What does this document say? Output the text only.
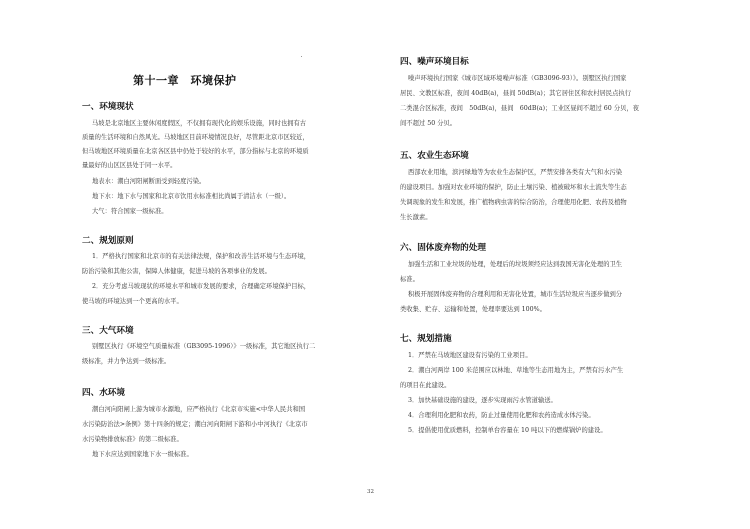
第十一章　环境保护
一、环境现状
马坡是北京地区主要休闲度假区，不仅拥有现代化的娱乐设施，同时也拥有古
质量的生活环境和自然风光。马坡地区目前环境情况良好，尽管距北京市区较近，
但马坡地区环境质量在北京各区县中仍处于较好的水平，部分指标与北京的环境质
量最好的山区区县处于同一水平。
地表水：潮白河阳闸断面受到轻度污染。
地下水：地下水与国家和北京市饮用水标准相比尚属于清洁水（一级）。
大气：符合国家一级标准。
二、规划原则
1．严格执行国家和北京市的有关法律法规，保护和改善生活环境与生态环境，
防治污染和其他公害，保障人体健康，促进马坡的各项事业的发展。
2．充分考虑马坡现状的环境水平和城市发展的要求，合理确定环境保护目标，
使马坡的环境达到一个更高的水平。
三、大气环境
别墅区执行《环境空气质量标准（GB3095-1996）》一级标准，其它地区执行二
级标准，并力争达到一级标准。
四、水环境
潮白河向阳闸上游为城市水源地，应严格执行《北京市实施<中华人民共和国
水污染防治法>条例》第十四条的规定；潮白河向阳闸下游和小中河执行《北京市
水污染物排放标准》的第二级标准。
地下水应达到国家地下水一级标准。
四、噪声环境目标
噪声环境执行国家《城市区域环境噪声标准（GB3096-93）》。别墅区执行国家
居民、文教区标准，夜间 40dB(a)，昼间 50dB(a)；其它居住区和农村居民点执行
二类混合区标准，夜间　50dB(a)，昼间　60dB(a)；工业区昼间不超过 60 分贝，夜
间不超过 50 分贝。
五、农业生态环境
西部农业用地，滨河绿地等为农业生态保护区，严禁安排各类有大气和水污染
的建设项目。加强对农业环境的保护，防止土壤污染、植被破坏和水土流失等生态
失调现象的发生和发展，推广植物病虫害的综合防治，合理使用化肥、农药及植物
生长激素。
六、固体废弃物的处理
加强生活和工业垃圾的处理，处理后的垃圾须经应达到我国无害化处理的卫生
标准。
积极开展固体废弃物的合理利用和无害化处置，城市生活垃圾应当逐步做到分
类收集、贮存、运输和处置，处理率要达到 100%。
七、规划措施
1．严禁在马坡地区建设有污染的工业项目。
2．潮白河两岸 100 米范围应以林地、草地等生态用地为主，严禁有污水产生
的项目在此建设。
3．加快基础设施的建设，逐步实现雨污水管道输送。
4．合理利用化肥和农药，防止过量使用化肥和农药造成水体污染。
5．提倡使用优质燃料，控制单台容量在 10 吨以下的燃煤锅炉的建设。
32
